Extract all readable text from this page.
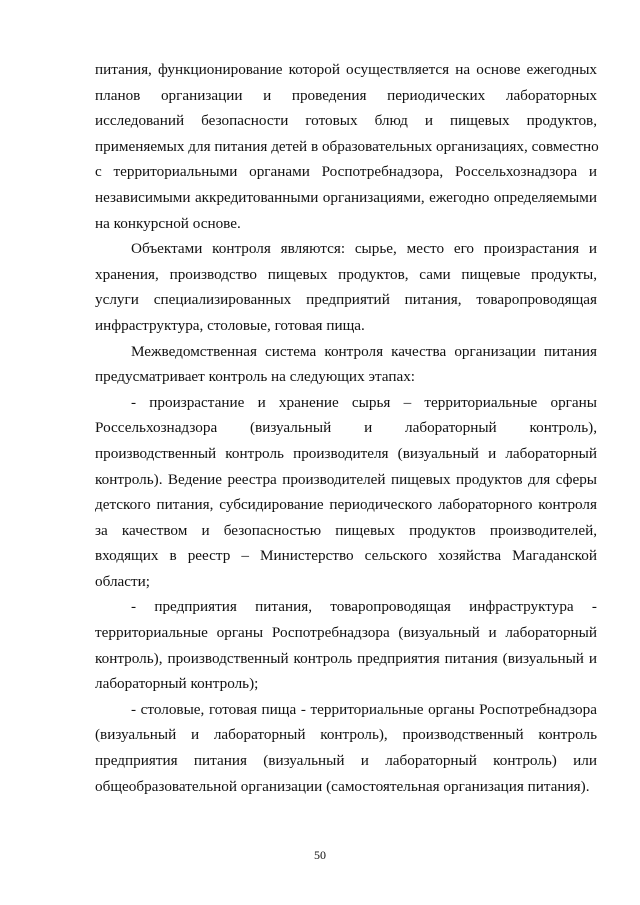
питания, функционирование которой осуществляется на основе ежегодных
планов организации и проведения периодических лабораторных
исследований безопасности готовых блюд и пищевых продуктов,
применяемых для питания детей в образовательных организациях, совместно
с территориальными органами Роспотребнадзора, Россельхознадзора и
независимыми аккредитованными организациями, ежегодно определяемыми
на конкурсной основе.

Объектами контроля являются: сырье, место его произрастания и
хранения, производство пищевых продуктов, сами пищевые продукты,
услуги специализированных предприятий питания, товаропроводящая
инфраструктура, столовые, готовая пища.

Межведомственная система контроля качества организации питания
предусматривает контроль на следующих этапах:

- произрастание и хранение сырья – территориальные органы
Россельхознадзора (визуальный и лабораторный контроль),
производственный контроль производителя (визуальный и лабораторный
контроль). Ведение реестра производителей пищевых продуктов для сферы
детского питания, субсидирование периодического лабораторного контроля
за качеством и безопасностью пищевых продуктов производителей,
входящих в реестр – Министерство сельского хозяйства Магаданской
области;

- предприятия питания, товаропроводящая инфраструктура -
территориальные органы Роспотребнадзора (визуальный и лабораторный
контроль), производственный контроль предприятия питания (визуальный и
лабораторный контроль);

- столовые, готовая пища - территориальные органы Роспотребнадзора
(визуальный и лабораторный контроль), производственный контроль
предприятия питания (визуальный и лабораторный контроль) или
общеобразовательной организации (самостоятельная организация питания).

50
